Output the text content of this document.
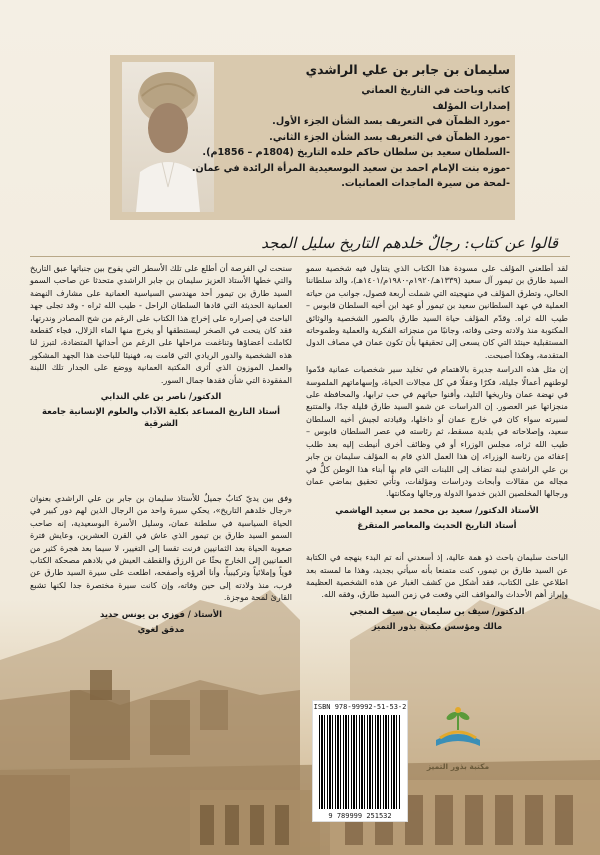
سليمان بن جابر بن علي الراشدي
كاتب وباحث في التاريخ العماني
إصدارات المؤلف
-مورد الظمآن في التعريف بسد الشأن الجزء الأول.
-مورد الظمآن في التعريف بسد الشأن الجزء الثاني.
-السلطان سعيد بن سلطان حاكم خلده التاريخ (1804م – 1856م).
-موزه بنت الإمام احمد بن سعيد البوسعيدية المرأة الرائدة في عمان.
-لمحة من سيرة الماجدات العمانيات.
قالوا عن كتاب: رجالٌ خلدهم التاريخ سليل المجد

لقد أطلعني المؤلف على مسودة هذا الكتاب الذي يتناول فيه شخصية سمو السيد طارق بن تيمور آل سعيد (١٣٣٩هـ/١٩٢٠م-١٩٨٠م/١٤٠١هـ)، والد سلطاننا الحالي، وتطرق المؤلف في منهجيته التي شملت أربعة فصول، جوانب من حياته العملية في عهد السلطانين سعيد بن تيمور أو عهد ابن أخيه السلطان قابوس – طيب الله ثراه. وقدّم المؤلف حياة السيد طارق بالصور الشخصية والوثائق المكتوبة منذ ولادته وحتى وفاته، وجانبًا من منجزاته الفكرية والعملية وطموحاته المستقبلية حينئذ التي كان يسعى إلى تحقيقها بأن تكون عمان في مصاف الدول المتقدمة، وهكذا أصبحت.

إن مثل هذه الدراسة جديرة بالاهتمام في تخليد سير شخصيات عمانية قدّموا لوطنهم أعمالًا جليلة، فكرًا وعقلًا في كل مجالات الحياة، وإسهاماتهم الملموسة في نهضة عمان وتاريخها التليد، وأفنوا حياتهم في حب ترابها، والمحافظة على منجزاتها عبر العصور. إن الدراسات عن شمو السيد طارق قليلة جدًا، والمتتبع لسيرته سواء كان في خارج عمان أو داخلها، وقيادته لجيش أخيه السلطان سعيد، وإصلاحاته في بلدية مسقط، ثم رئاسته في عصر السلطان قابوس – طيب الله ثراه، مجلس الوزراء أو في وظائف أخرى أنيطت إليه بعد طلب إعفائه من رئاسة الوزراء، إن هذا العمل الذي قام به المؤلف سليمان بن جابر بن علي الراشدي لبنة تضاف إلى اللبنات التي قام بها أبناء هذا الوطن كلٌّ في مجاله من مقالات وأبحاث ودراسات ومؤلفات، وتأتي تحقيق بماضي عمان ورجالها المخلصين الذين خدموا الدولة ورجالها ومكانتها.

الأستاذ الدكتور/ سعيد بن محمد بن سعيد الهاشمي
أستاذ التاريخ الحديث والمعاصر المتقرغ

الباحث سليمان باحث ذو همة عالية، إذ أسعدني أنه تم البدء بنهجه في الكتابة عن السيد طارق بن تيمور، كنت متمنعا بأنه سيأتي بجديد، وهذا ما لمسته بعد اطلاعي على الكتاب، فقد أشكل من كشف الغبار عن هذه الشخصية العظيمة وإبراز أهم الأحداث والمواقف التي وقعت في زمن السيد طارق، وفقه الله.

الدكتور/ سيف بن سليمان بن سيف المنجي
مالك ومؤسس مكتبة بذور التميز

سنحت لي الفرصة أن أطلع على تلك الأسطر التي يفوح بين جنباتها عبق التاريخ والتي خطها الأستاذ العزيز سليمان بن جابر الراشدي متحدثا عن صاحب السمو السيد طارق بن تيمور أحد مهندسي السياسية العمانية على مشارف النهضة العمانية الحديثة التي قادها السلطان الراحل - طيب الله ثراه - وقد تجلى جهد الباحث في إصراره على إخراج هذا الكتاب على الرغم من شح المصادر وندرتها، فقد كان ينحت في الصخر ليستنطقها أو يخرج منها الماء الزلال، فجاء كقطعة لكاملت أعضاؤها وتناغمت مراحلها على الرغم من أحداثها المتضادة، لتبرز لنا هذه الشخصية والدور الريادي التي قامت به، فهنيئا للباحث هذا الجهد المشكور والعمل الموزون الذي أثرى المكتبة العمانية ووضع على الجدار تلك اللبنة المفقودة التي شأن فقدها جمال السور.

الدكتور/ ناصر بن علي الندابي
أستاذ التاريخ المساعد بكلية الآداب والعلوم الإنسانية جامعة الشرقية

وفق بين يديّ كتابٌ جميلٌ للأستاذ سليمان بن جابر بن علي الراشدي بعنوان «رجال خلدهم التاريخ»، يحكي سيرة واحد من الرجال الذين لهم دور كبير في الحياة السياسية في سلطنة عمان، وسليل الأسرة البوسعيدية، إنه صاحب السمو السيد طارق بن تيمور الذي عاش في القرن العشرين، وعايش فترة صعوبة الحياة بعد الثمانيين فرنت تقسا إلى التغيير، لا سيما بعد هجرة كثير من العمانيين إلى الخارج بحثًا عن الرزق والقطف العيش في بلادهم مصحكة الكتاب قوياً وإملائياً وتركيبياً، وأنا أقرؤه وأصفحه، اطلعت على سيرة السيد طارق عن قرب، منذ ولادته إلى حين وفاته، وإن كانت سيرة مختصرة جدا لكنها تشبع القارئ لمحة موجزة.

الأستاذ / فوزي بن يونس حديد
مدقق لغوي
ISBN 978-99992-51-53-2
9 789999 251532
مكتبة بذور التميز
